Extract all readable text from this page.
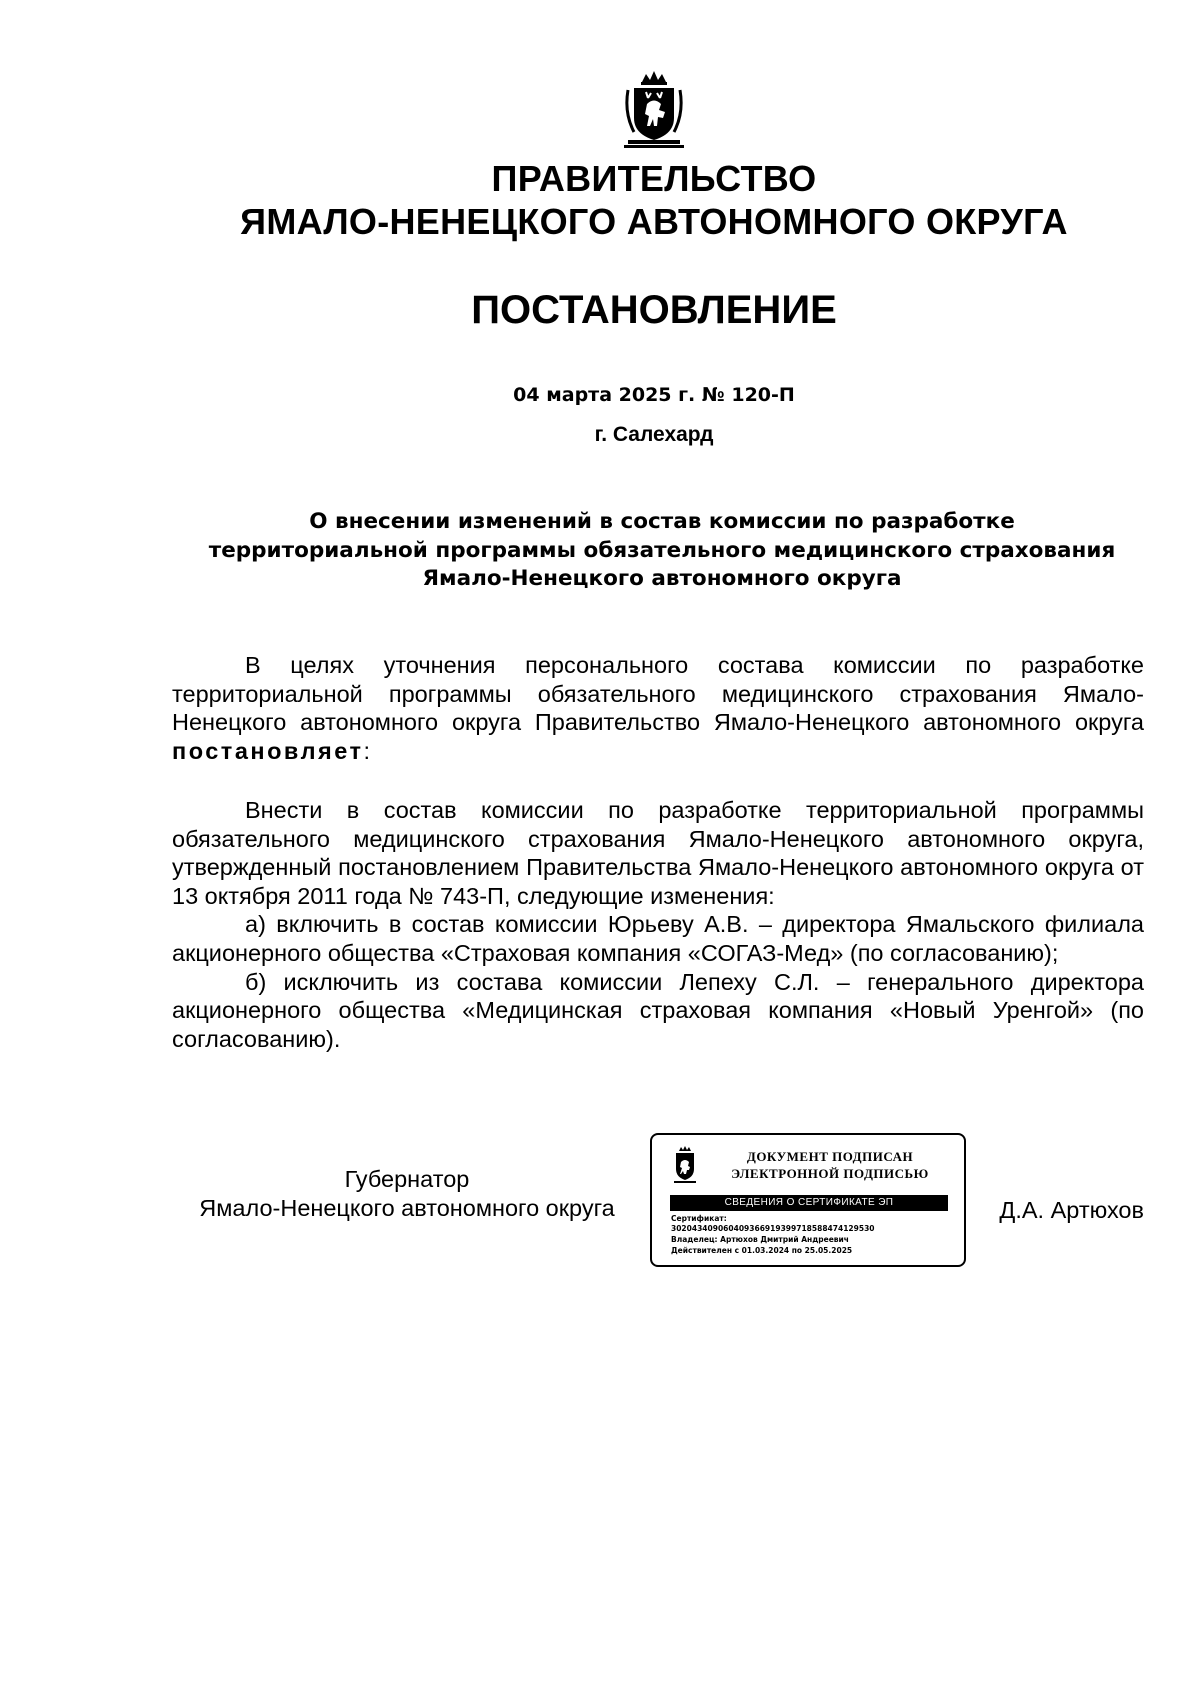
ПРАВИТЕЛЬСТВО
ЯМАЛО-НЕНЕЦКОГО АВТОНОМНОГО ОКРУГА
ПОСТАНОВЛЕНИЕ
04 марта 2025 г. № 120-П
г. Салехард
О внесении изменений в состав комиссии по разработке
территориальной программы обязательного медицинского страхования
Ямало-Ненецкого автономного округа

В целях уточнения персонального состава комиссии по разработке территориальной программы обязательного медицинского страхования Ямало-Ненецкого автономного округа Правительство Ямало-Ненецкого автономного округа постановляет:

Внести в состав комиссии по разработке территориальной программы обязательного медицинского страхования Ямало-Ненецкого автономного округа, утвержденный постановлением Правительства Ямало-Ненецкого автономного округа от 13 октября 2011 года № 743-П, следующие изменения:

а) включить в состав комиссии Юрьеву А.В. – директора Ямальского филиала акционерного общества «Страховая компания «СОГАЗ-Мед» (по согласованию);

б) исключить из состава комиссии Лепеху С.Л. – генерального директора акционерного общества «Медицинская страховая компания «Новый Уренгой» (по согласованию).

Губернатор
Ямало-Ненецкого автономного округа
ДОКУМЕНТ ПОДПИСАН
ЭЛЕКТРОННОЙ ПОДПИСЬЮ
СВЕДЕНИЯ О СЕРТИФИКАТЕ ЭП
Сертификат:
302043409060409366919399718588474129530
Владелец: Артюхов Дмитрий Андреевич
Действителен с 01.03.2024 по 25.05.2025
Д.А. Артюхов
